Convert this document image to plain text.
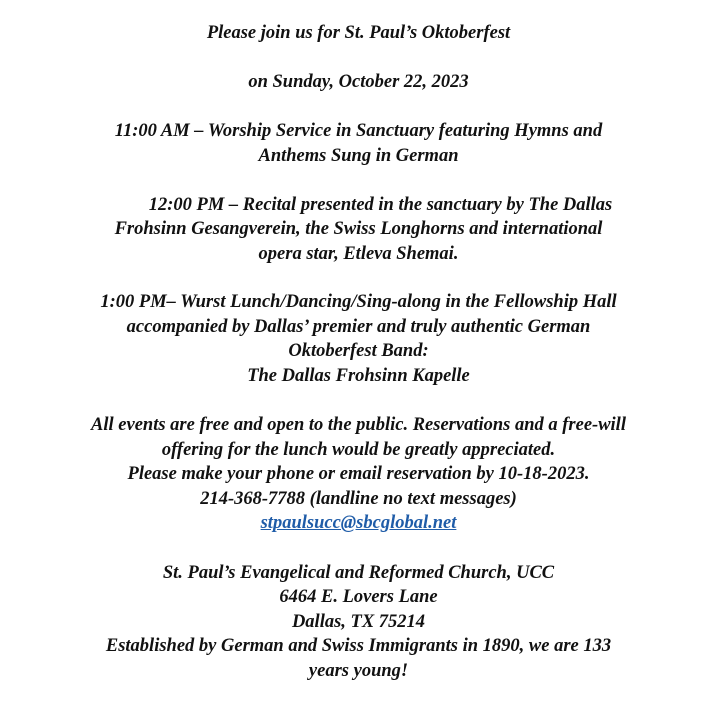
Please join us for St. Paul’s Oktoberfest
on Sunday, October 22, 2023
11:00 AM – Worship Service in Sanctuary featuring Hymns and
Anthems Sung in German
12:00 PM – Recital presented in the sanctuary by The Dallas
Frohsinn Gesangverein, the Swiss Longhorns and international
opera star, Etleva Shemai.
1:00 PM– Wurst Lunch/Dancing/Sing-along in the Fellowship Hall
accompanied by Dallas’ premier and truly authentic German
Oktoberfest Band:
The Dallas Frohsinn Kapelle
All events are free and open to the public. Reservations and a free-will
offering for the lunch would be greatly appreciated.
Please make your phone or email reservation by 10-18-2023.
214-368-7788 (landline no text messages)
stpaulsucc@sbcglobal.net
St. Paul’s Evangelical and Reformed Church, UCC
6464 E. Lovers Lane
Dallas, TX 75214
Established by German and Swiss Immigrants in 1890, we are 133
years young!
